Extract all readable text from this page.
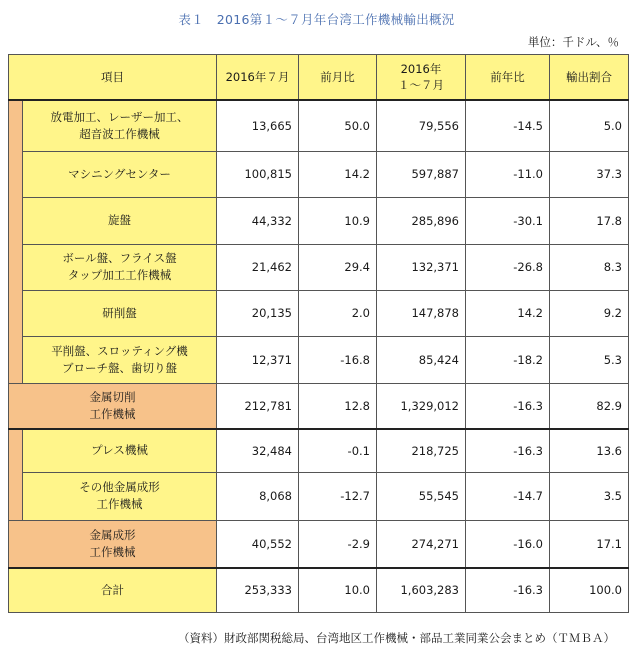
表１　2016第１〜７月年台湾工作機械輸出概況
単位：千ドル、％
項目		2016年７月	前月比	2016年
１〜７月	前年比	輸出割合

	放電加工、レーザー加工、
超音波工作機械	13,665	50.0	79,556	-14.5	5.0
	マシニングセンター	100,815	14.2	597,887	-11.0	37.3
	旋盤	44,332	10.9	285,896	-30.1	17.8

	ボール盤、フライス盤
タップ加工工作機械	21,462	29.4	132,371	-26.8	8.3
	研削盤	20,135	2.0	147,878	14.2	9.2

	平削盤、スロッティング機
ブローチ盤、歯切り盤	12,371	-16.8	85,424	-18.2	5.3

金属切削
工作機械		212,781	12.8	1,329,012	-16.3	82.9
	プレス機械	32,484	-0.1	218,725	-16.3	13.6

	その他金属成形
工作機械	8,068	-12.7	55,545	-14.7	3.5

金属成形
工作機械		40,552	-2.9	274,271	-16.0	17.1
合計		253,333	10.0	1,603,283	-16.3	100.0
（資料）財政部関税総局、台湾地区工作機械・部品工業同業公会まとめ（ＴＭＢＡ）
